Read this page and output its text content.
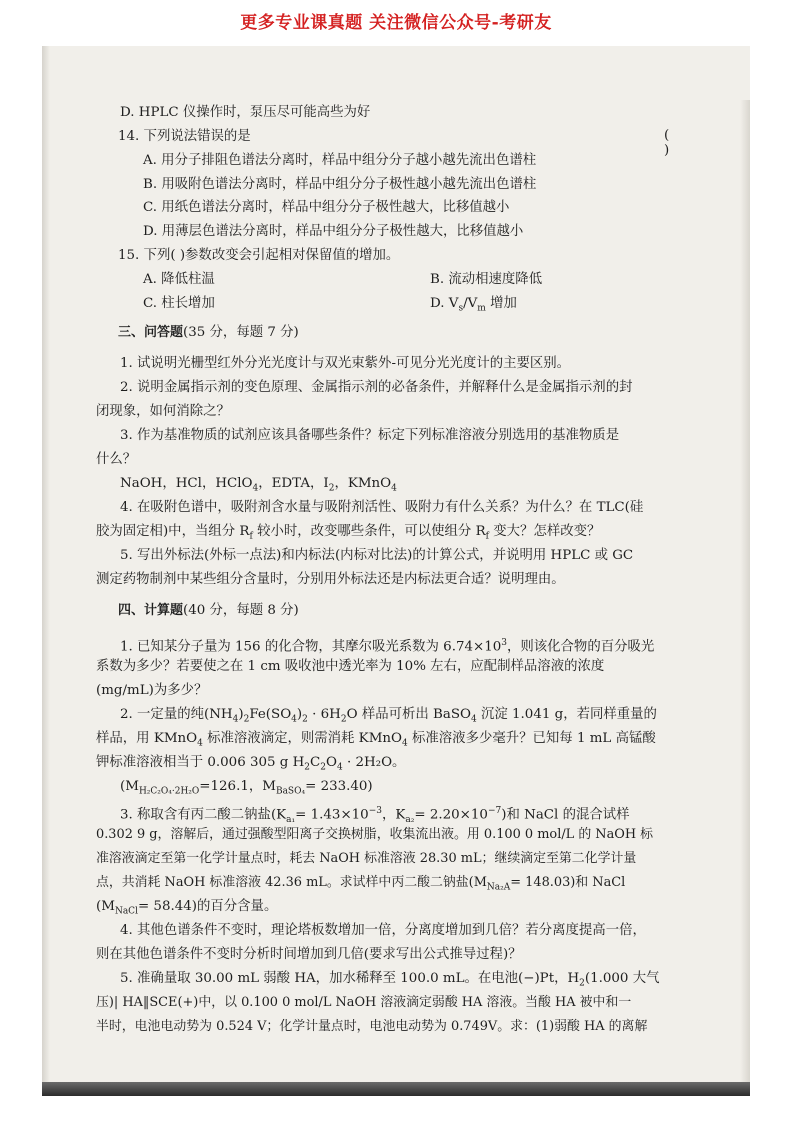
更多专业课真题 关注微信公众号-考研友
D. HPLC 仪操作时，泵压尽可能高些为好
14. 下列说法错误的是	( )
A. 用分子排阻色谱法分离时，样品中组分分子越小越先流出色谱柱
B. 用吸附色谱法分离时，样品中组分分子极性越小越先流出色谱柱
C. 用纸色谱法分离时，样品中组分分子极性越大，比移值越小
D. 用薄层色谱法分离时，样品中组分分子极性越大，比移值越小
15. 下列( )参数改变会引起相对保留值的增加。
A. 降低柱温	B. 流动相速度降低
C. 柱长增加	D. $V_s/V_m$ 增加
三、问答题(35 分，每题 7 分)
1. 试说明光栅型红外分光光度计与双光束紫外-可见分光光度计的主要区别。
2. 说明金属指示剂的变色原理、金属指示剂的必备条件，并解释什么是金属指示剂的封
闭现象，如何消除之？
3. 作为基准物质的试剂应该具备哪些条件？标定下列标准溶液分别选用的基准物质是
什么？
NaOH，HCl，HClO$_4$，EDTA，$I_2$，KMnO$_4$
4. 在吸附色谱中，吸附剂含水量与吸附剂活性、吸附力有什么关系？为什么？在 TLC(硅
胶为固定相)中，当组分 $R_f$ 较小时，改变哪些条件，可以使组分 $R_f$ 变大？怎样改变？
5. 写出外标法(外标一点法)和内标法(内标对比法)的计算公式，并说明用 HPLC 或 GC
测定药物制剂中某些组分含量时，分别用外标法还是内标法更合适？说明理由。
四、计算题(40 分，每题 8 分)
1. 已知某分子量为 156 的化合物，其摩尔吸光系数为 $6.74\times 10^3$，则该化合物的百分吸光
系数为多少？若要使之在 1 cm 吸收池中透光率为 10% 左右，应配制样品溶液的浓度
(mg/mL)为多少？
2. 一定量的纯$(NH_4)_2Fe(SO_4)_2 \cdot 6H_2O$ 样品可析出 BaSO$_4$ 沉淀 1.041 g，若同样重量的
样品，用 KMnO$_4$ 标准溶液滴定，则需消耗 KMnO$_4$ 标准溶液多少毫升？已知每 1 mL 高锰酸
钾标准溶液相当于 0.006 305 g $H_2C_2O_4 \cdot 2H_2O$。
($M_{H_2C_2O_4\cdot 2H_2O}=126.1$，$M_{BaSO_4}= 233.40$)
3. 称取含有丙二酸二钠盐($K_{a_1}= 1.43\times 10^{-3}$，$K_{a_2}= 2.20\times 10^{-7}$)和 NaCl 的混合试样
0.302 9 g，溶解后，通过强酸型阳离子交换树脂，收集流出液。用 0.100 0 mol/L 的 NaOH 标
准溶液滴定至第一化学计量点时，耗去 NaOH 标准溶液 28.30 mL；继续滴定至第二化学计量
点，共消耗 NaOH 标准溶液 42.36 mL。求试样中丙二酸二钠盐$(M_{Na_2A}= 148.03)$和 NaCl
$(M_{NaCl}= 58.44)$的百分含量。
4. 其他色谱条件不变时，理论塔板数增加一倍，分离度增加到几倍？若分离度提高一倍，
则在其他色谱条件不变时分析时间增加到几倍(要求写出公式推导过程)？
5. 准确量取 30.00 mL 弱酸 HA，加水稀释至 100.0 mL。在电池(−)Pt，$H_2(1.000$ 大气
压)| HA‖SCE(+)中，以 0.100 0 mol/L NaOH 溶液滴定弱酸 HA 溶液。当酸 HA 被中和一
半时，电池电动势为 0.524 V；化学计量点时，电池电动势为 0.749V。求：(1)弱酸 HA 的离解
